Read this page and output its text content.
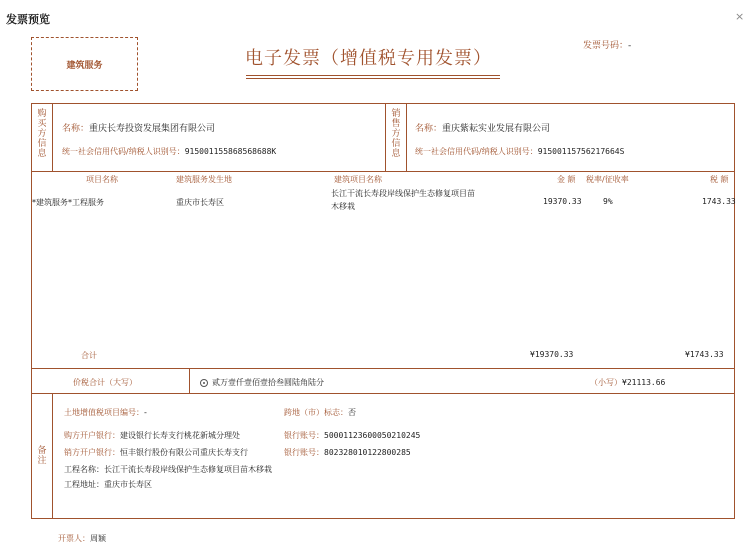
发票预览	×
建筑服务	电子发票（增值税专用发票）
发票号码：-
购买方信息
名称：重庆长寿投资发展集团有限公司
统一社会信用代码/纳税人识别号：915001155868568688K
销售方信息
名称：重庆紫耘实业发展有限公司
统一社会信用代码/纳税人识别号：91500115756217664S
项目名称	建筑服务发生地	建筑项目名称	金 额 税率/征收率	税 额
*建筑服务*工程服务	重庆市长寿区
长江干流长寿段岸线保护生态修复项目苗木移栽
19370.33	9%	1743.33
合计	¥19370.33	¥1743.33
价税合计（大写）	贰万壹仟壹佰壹拾叁圆陆角陆分	（小写）¥21113.66
备注
土地增值税项目编号：-	跨地（市）标志：否
购方开户银行：建设银行长寿支行桃花新城分理处	银行账号：50001123600050210245
销方开户银行：恒丰银行股份有限公司重庆长寿支行	银行账号：802328010122800285
工程名称：长江干流长寿段岸线保护生态修复项目苗木移栽
工程地址：重庆市长寿区
开票人：周颖
